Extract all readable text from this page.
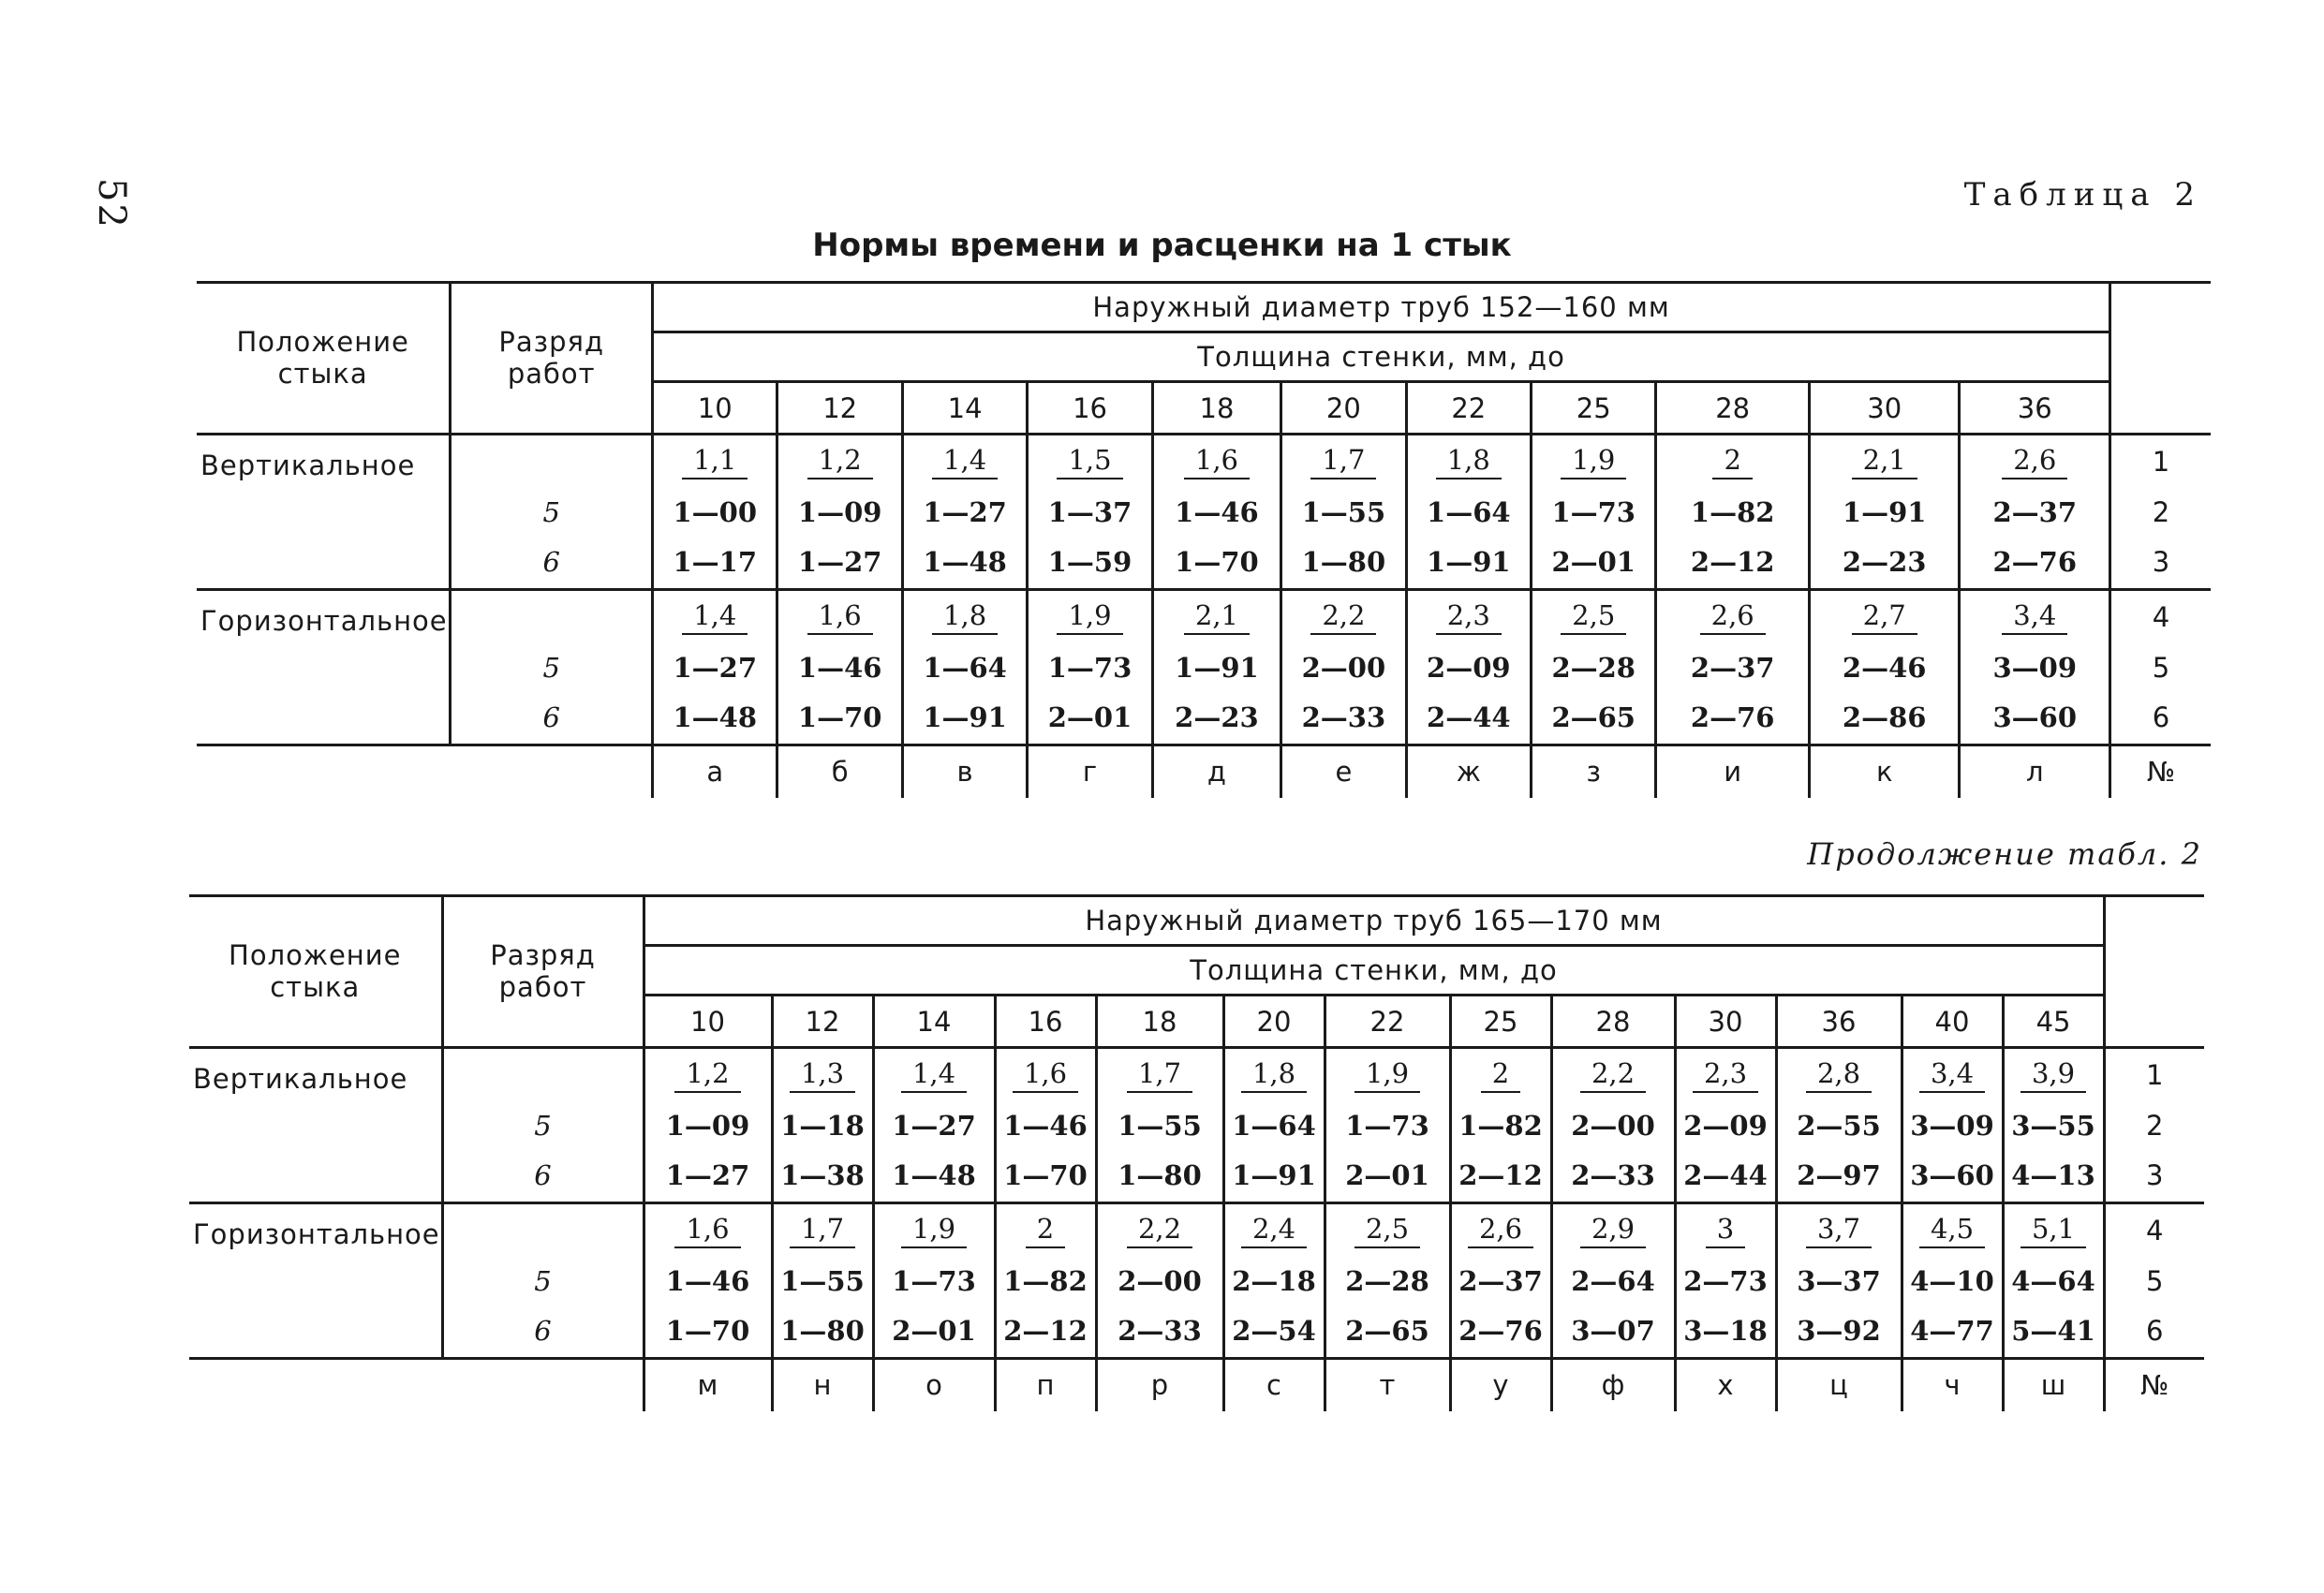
52	Таблица 2
Нормы времени и расценки на 1 стык
Продолжение табл. 2
Положение стыка	Разряд работ	Наружный диаметр труб 152—160 мм											
		Толщина стенки, мм, до											
		10	12	14	16	18	20	22	25	28	30	36	
Вертикальное		1,1	1,2	1,4	1,5	1,6	1,7	1,8	1,9	2	2,1	2,6	1
	5	1—00	1—09	1—27	1—37	1—46	1—55	1—64	1—73	1—82	1—91	2—37	2
	6	1—17	1—27	1—48	1—59	1—70	1—80	1—91	2—01	2—12	2—23	2—76	3
Горизонтальное		1,4	1,6	1,8	1,9	2,1	2,2	2,3	2,5	2,6	2,7	3,4	4
	5	1—27	1—46	1—64	1—73	1—91	2—00	2—09	2—28	2—37	2—46	3—09	5
	6	1—48	1—70	1—91	2—01	2—23	2—33	2—44	2—65	2—76	2—86	3—60	6
		а	б	в	г	д	е	ж	з	и	к	л	№
Положение стыка	Разряд работ	Наружный диаметр труб 165—170 мм													
		Толщина стенки, мм, до													
		10	12	14	16	18	20	22	25	28	30	36	40	45	
Вертикальное		1,2	1,3	1,4	1,6	1,7	1,8	1,9	2	2,2	2,3	2,8	3,4	3,9	1
	5	1—09	1—18	1—27	1—46	1—55	1—64	1—73	1—82	2—00	2—09	2—55	3—09	3—55	2
	6	1—27	1—38	1—48	1—70	1—80	1—91	2—01	2—12	2—33	2—44	2—97	3—60	4—13	3
Горизонтальное		1,6	1,7	1,9	2	2,2	2,4	2,5	2,6	2,9	3	3,7	4,5	5,1	4
	5	1—46	1—55	1—73	1—82	2—00	2—18	2—28	2—37	2—64	2—73	3—37	4—10	4—64	5
	6	1—70	1—80	2—01	2—12	2—33	2—54	2—65	2—76	3—07	3—18	3—92	4—77	5—41	6
		м	н	о	п	р	с	т	у	ф	х	ц	ч	ш	№
